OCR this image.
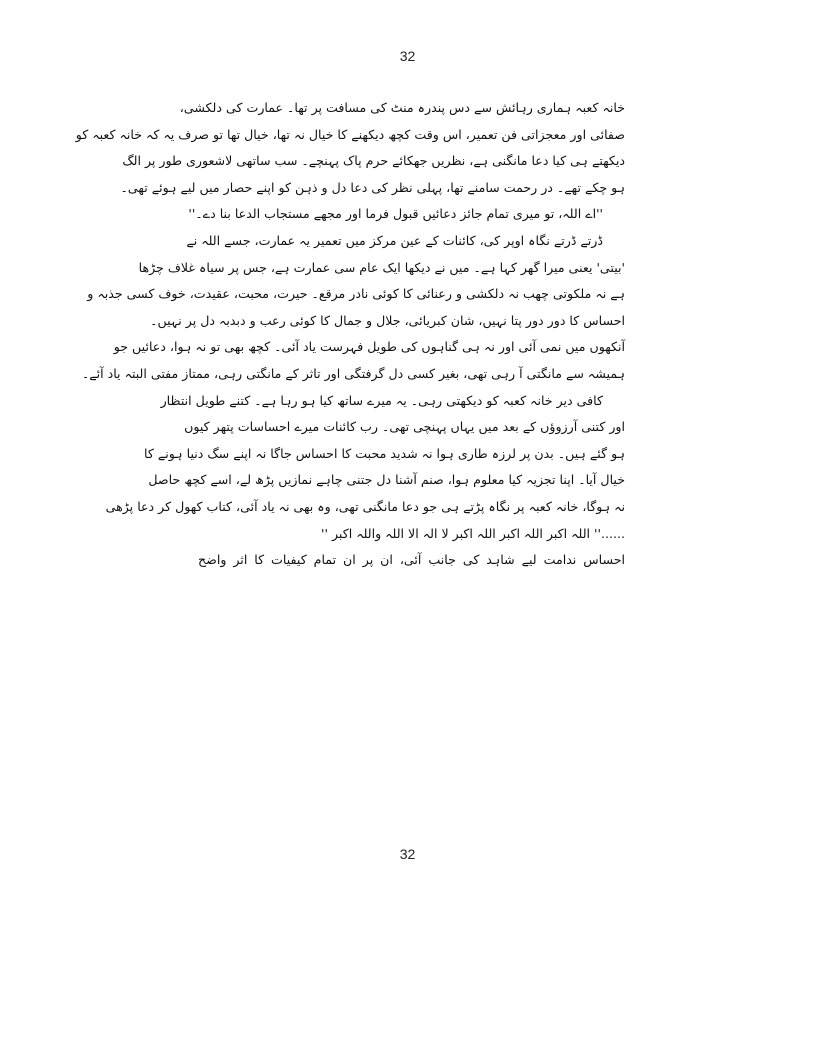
32
خانہ کعبہ ہماری رہائش سے دس پندرہ منٹ کی مسافت پر تھا۔ عمارت کی دلکشی،
صفائی اور معجزاتی فن تعمیر، اس وقت کچھ دیکھنے کا خیال نہ تھا، خیال تھا تو صرف یہ کہ خانہ کعبہ کو
دیکھتے ہی کیا دعا مانگنی ہے، نظریں جھکائے حرم پاک پہنچے۔ سب ساتھی لاشعوری طور پر الگ
ہو چکے تھے۔ در رحمت سامنے تھا، پہلی نظر کی دعا دل و ذہن کو اپنے حصار میں لیے ہوئے تھی۔
''اے اللہ، تو میری تمام جائز دعائیں قبول فرما اور مجھے مستجاب الدعا بنا دے۔''
ڈرتے ڈرتے نگاہ اوپر کی، کائنات کے عین مرکز میں تعمیر یہ عمارت، جسے اللہ نے
'بیتی' یعنی میرا گھر کہا ہے۔ میں نے دیکھا ایک عام سی عمارت ہے، جس پر سیاہ غلاف چڑھا
ہے نہ ملکوتی چھب نہ دلکشی و رعنائی کا کوئی نادر مرقع۔ حیرت، محبت، عقیدت، خوف کسی جذبہ و
احساس کا دور دور پتا نہیں، شان کبریائی، جلال و جمال کا کوئی رعب و دبدبہ دل پر نہیں۔
آنکھوں میں نمی آئی اور نہ ہی گناہوں کی طویل فہرست یاد آئی۔ کچھ بھی تو نہ ہوا، دعائیں جو
ہمیشہ سے مانگتی آ رہی تھی، بغیر کسی دل گرفتگی اور تاثر کے مانگتی رہی، ممتاز مفتی البتہ یاد آئے۔
کافی دیر خانہ کعبہ کو دیکھتی رہی۔ یہ میرے ساتھ کیا ہو رہا ہے۔ کتنے طویل انتظار
اور کتنی آرزوؤں کے بعد میں یہاں پہنچی تھی۔ رب کائنات میرے احساسات پتھر کیوں
ہو گئے ہیں۔ بدن پر لرزہ طاری ہوا نہ شدید محبت کا احساس جاگا نہ اپنے سگ دنیا ہونے کا
خیال آیا۔ اپنا تجزیہ کیا معلوم ہوا، صنم آشنا دل جتنی چاہے نمازیں پڑھ لے، اسے کچھ حاصل
نہ ہوگا، خانہ کعبہ پر نگاہ پڑتے ہی جو دعا مانگنی تھی، وہ بھی نہ یاد آئی، کتاب کھول کر دعا پڑھی
......'' اللہ اکبر اللہ اکبر اللہ اکبر لا الہ الا اللہ واللہ اکبر ''
احساس ندامت لیے شاہد کی جانب آئی، ان پر ان تمام کیفیات کا اثر واضح
32
